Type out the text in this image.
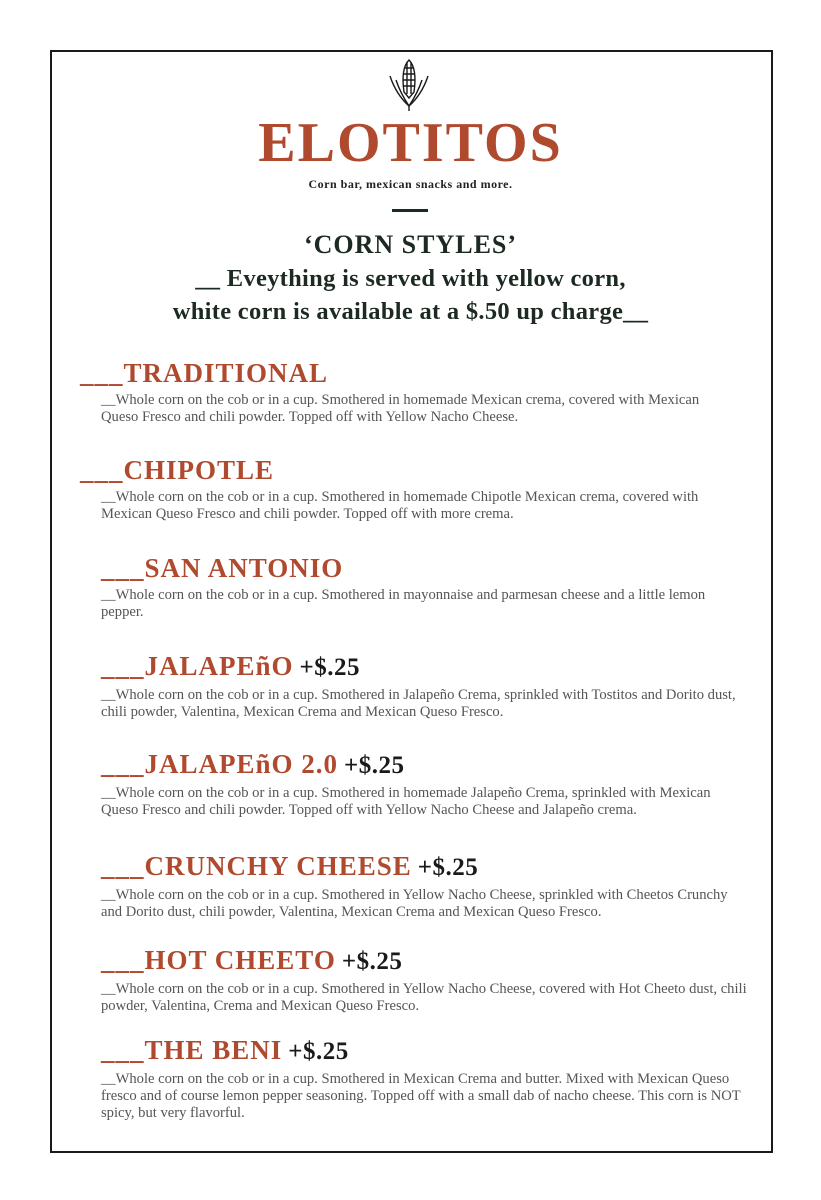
ELOTITOS
Corn bar, mexican snacks and more.
‘CORN STYLES’
__ Eveything is served with yellow corn,
white corn is available at a $.50 up charge__
___TRADITIONAL
__Whole corn on the cob or in a cup. Smothered in homemade Mexican crema, covered with Mexican Queso Fresco and chili powder. Topped off with Yellow Nacho Cheese.
___CHIPOTLE
__Whole corn on the cob or in a cup. Smothered in homemade Chipotle Mexican crema, covered with Mexican Queso Fresco and chili powder. Topped off with more crema.
___SAN ANTONIO
__Whole corn on the cob or in a cup. Smothered in mayonnaise and parmesan cheese and a little lemon pepper.
___JALAPEñO +$.25
__Whole corn on the cob or in a cup. Smothered in Jalapeño Crema, sprinkled with Tostitos and Dorito dust, chili powder, Valentina, Mexican Crema and Mexican Queso Fresco.
___JALAPEñO 2.0 +$.25
__Whole corn on the cob or in a cup. Smothered in homemade Jalapeño Crema, sprinkled with Mexican Queso Fresco and chili powder. Topped off with Yellow Nacho Cheese and Jalapeño crema.
___CRUNCHY CHEESE +$.25
__Whole corn on the cob or in a cup. Smothered in Yellow Nacho Cheese, sprinkled with Cheetos Crunchy and Dorito dust, chili powder, Valentina, Mexican Crema and Mexican Queso Fresco.
___HOT CHEETO +$.25
__Whole corn on the cob or in a cup. Smothered in Yellow Nacho Cheese, covered with Hot Cheeto dust, chili powder, Valentina, Crema and Mexican Queso Fresco.
___THE BENI +$.25
__Whole corn on the cob or in a cup. Smothered in Mexican Crema and butter. Mixed with Mexican Queso fresco and of course lemon pepper seasoning. Topped off with a small dab of nacho cheese. This corn is NOT spicy, but very flavorful.
